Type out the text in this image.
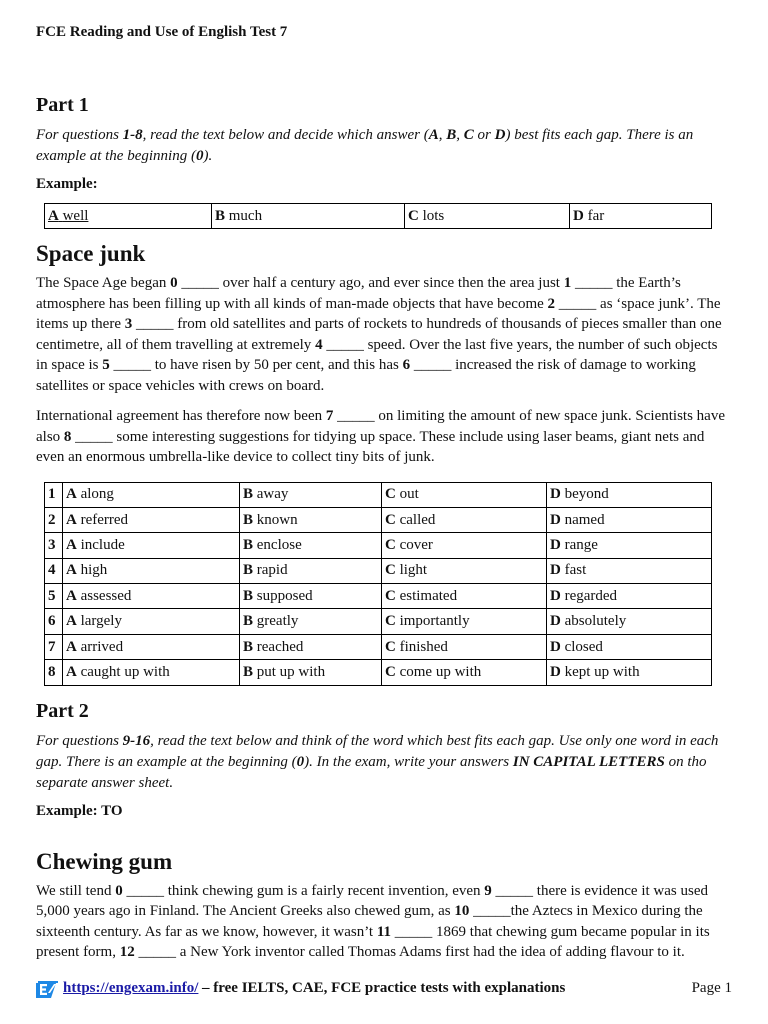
FCE Reading and Use of English Test 7

Part 1

For questions 1-8, read the text below and decide which answer (A, B, C or D) best fits each gap. There is an example at the beginning (0).

Example:

A well	B much	C lots	D far
Space junk

The Space Age began 0 _____ over half a century ago, and ever since then the area just 1 _____ the Earth’s atmosphere has been filling up with all kinds of man-made objects that have become 2 _____ as ‘space junk’. The items up there 3 _____ from old satellites and parts of rockets to hundreds of thousands of pieces smaller than one centimetre, all of them travelling at extremely 4 _____ speed. Over the last five years, the number of such objects in space is 5 _____ to have risen by 50 per cent, and this has 6 _____ increased the risk of damage to working satellites or space vehicles with crews on board.

International agreement has therefore now been 7 _____ on limiting the amount of new space junk. Scientists have also 8 _____ some interesting suggestions for tidying up space. These include using laser beams, giant nets and even an enormous umbrella-like device to collect tiny bits of junk.

1	A along	B away	C out	D beyond
2	A referred	B known	C called	D named
3	A include	B enclose	C cover	D range
4	A high	B rapid	C light	D fast
5	A assessed	B supposed	C estimated	D regarded
6	A largely	B greatly	C importantly	D absolutely
7	A arrived	B reached	C finished	D closed
8	A caught up with	B put up with	C come up with	D kept up with
Part 2

For questions 9-16, read the text below and think of the word which best fits each gap. Use only one word in each gap. There is an example at the beginning (0). In the exam, write your answers IN CAPITAL LETTERS on tho separate answer sheet.

Example: TO

Chewing gum

We still tend 0 _____ think chewing gum is a fairly recent invention, even 9 _____ there is evidence it was used 5,000 years ago in Finland. The Ancient Greeks also chewed gum, as 10 _____the Aztecs in Mexico during the sixteenth century. As far as we know, however, it wasn’t 11 _____ 1869 that chewing gum became popular in its present form, 12 _____ a New York inventor called Thomas Adams first had the idea of adding flavour to it.

https://engexam.info/ – free IELTS, CAE, FCE practice tests with explanations	Page 1
